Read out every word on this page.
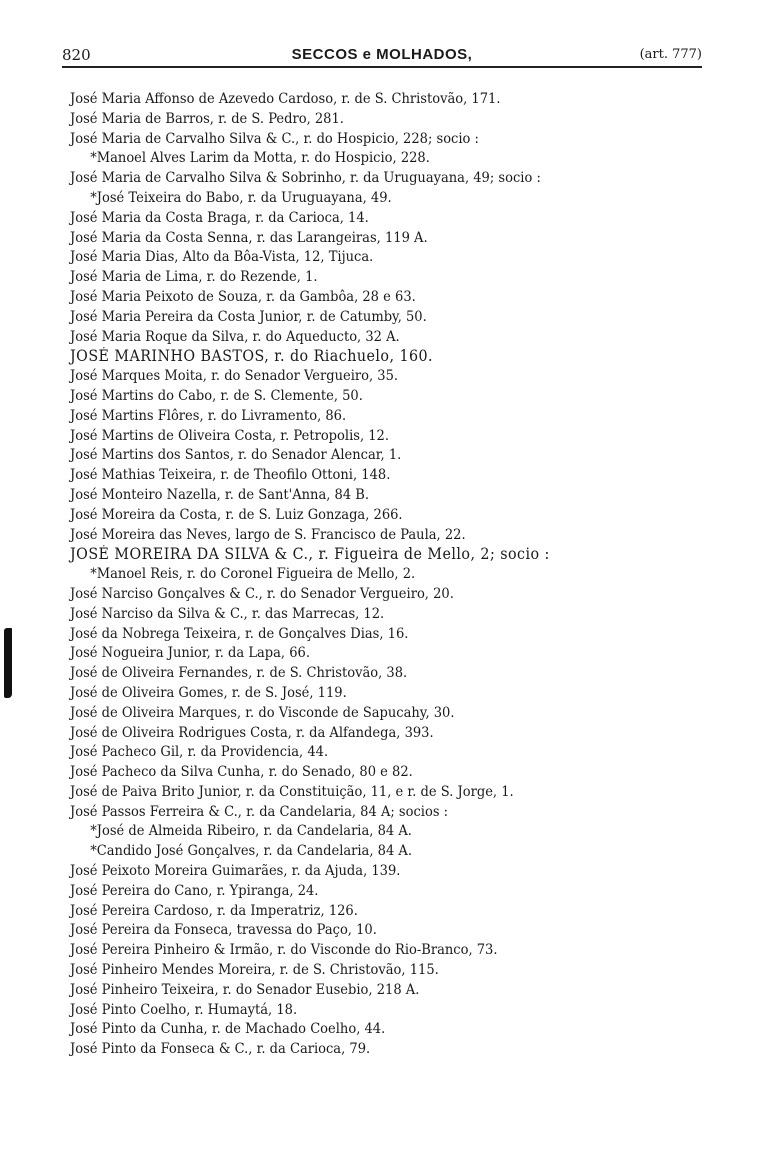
820	SECCOS e MOLHADOS,	(art. 777)
José Maria Affonso de Azevedo Cardoso, r. de S. Christovão, 171.
José Maria de Barros, r. de S. Pedro, 281.
José Maria de Carvalho Silva & C., r. do Hospicio, 228; socio :
*Manoel Alves Larim da Motta, r. do Hospicio, 228.
José Maria de Carvalho Silva & Sobrinho, r. da Uruguayana, 49; socio :
*José Teixeira do Babo, r. da Uruguayana, 49.
José Maria da Costa Braga, r. da Carioca, 14.
José Maria da Costa Senna, r. das Larangeiras, 119 A.
José Maria Dias, Alto da Bôa-Vista, 12, Tijuca.
José Maria de Lima, r. do Rezende, 1.
José Maria Peixoto de Souza, r. da Gambôa, 28 e 63.
José Maria Pereira da Costa Junior, r. de Catumby, 50.
José Maria Roque da Silva, r. do Aqueducto, 32 A.
JOSÉ MARINHO BASTOS, r. do Riachuelo, 160.
José Marques Moita, r. do Senador Vergueiro, 35.
José Martins do Cabo, r. de S. Clemente, 50.
José Martins Flôres, r. do Livramento, 86.
José Martins de Oliveira Costa, r. Petropolis, 12.
José Martins dos Santos, r. do Senador Alencar, 1.
José Mathias Teixeira, r. de Theofilo Ottoni, 148.
José Monteiro Nazella, r. de Sant'Anna, 84 B.
José Moreira da Costa, r. de S. Luiz Gonzaga, 266.
José Moreira das Neves, largo de S. Francisco de Paula, 22.
JOSÉ MOREIRA DA SILVA & C., r. Figueira de Mello, 2; socio :
*Manoel Reis, r. do Coronel Figueira de Mello, 2.
José Narciso Gonçalves & C., r. do Senador Vergueiro, 20.
José Narciso da Silva & C., r. das Marrecas, 12.
José da Nobrega Teixeira, r. de Gonçalves Dias, 16.
José Nogueira Junior, r. da Lapa, 66.
José de Oliveira Fernandes, r. de S. Christovão, 38.
José de Oliveira Gomes, r. de S. José, 119.
José de Oliveira Marques, r. do Visconde de Sapucahy, 30.
José de Oliveira Rodrigues Costa, r. da Alfandega, 393.
José Pacheco Gil, r. da Providencia, 44.
José Pacheco da Silva Cunha, r. do Senado, 80 e 82.
José de Paiva Brito Junior, r. da Constituição, 11, e r. de S. Jorge, 1.
José Passos Ferreira & C., r. da Candelaria, 84 A; socios :
*José de Almeida Ribeiro, r. da Candelaria, 84 A.
*Candido José Gonçalves, r. da Candelaria, 84 A.
José Peixoto Moreira Guimarães, r. da Ajuda, 139.
José Pereira do Cano, r. Ypiranga, 24.
José Pereira Cardoso, r. da Imperatriz, 126.
José Pereira da Fonseca, travessa do Paço, 10.
José Pereira Pinheiro & Irmão, r. do Visconde do Rio-Branco, 73.
José Pinheiro Mendes Moreira, r. de S. Christovão, 115.
José Pinheiro Teixeira, r. do Senador Eusebio, 218 A.
José Pinto Coelho, r. Humaytá, 18.
José Pinto da Cunha, r. de Machado Coelho, 44.
José Pinto da Fonseca & C., r. da Carioca, 79.
